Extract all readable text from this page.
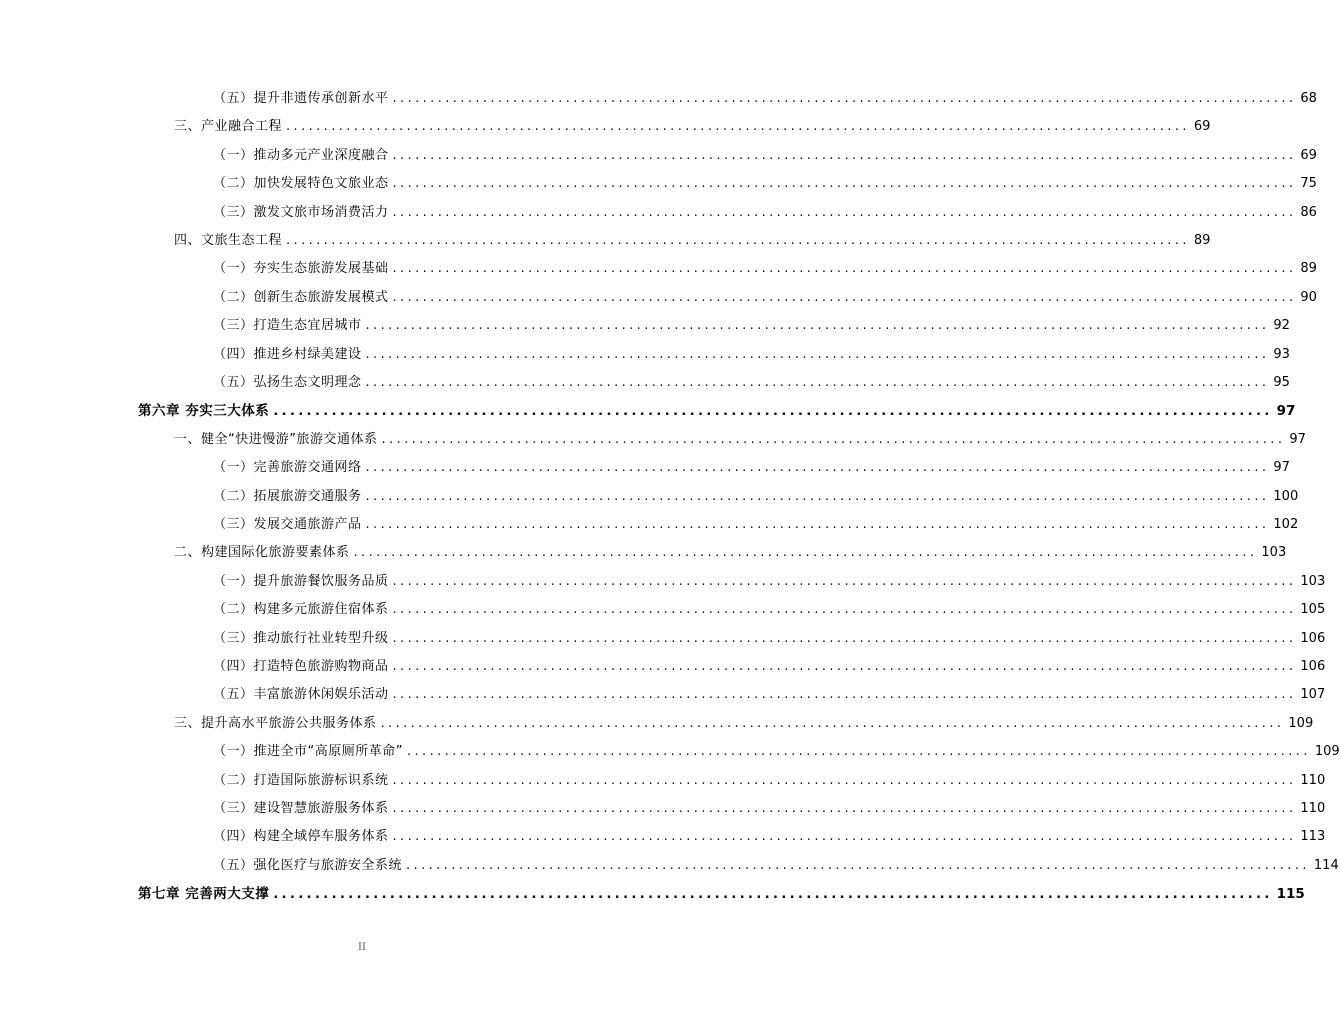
（五）提升非遗传承创新水平 ........................................................................................................................ 68
三、产业融合工程 ........................................................................................................................ 69
（一）推动多元产业深度融合 ........................................................................................................................ 69
（二）加快发展特色文旅业态 ........................................................................................................................ 75
（三）激发文旅市场消费活力 ........................................................................................................................ 86
四、文旅生态工程 ........................................................................................................................ 89
（一）夯实生态旅游发展基础 ........................................................................................................................ 89
（二）创新生态旅游发展模式 ........................................................................................................................ 90
（三）打造生态宜居城市 ........................................................................................................................ 92
（四）推进乡村绿美建设 ........................................................................................................................ 93
（五）弘扬生态文明理念 ........................................................................................................................ 95
第六章 夯实三大体系 ........................................................................................................................ 97
一、健全“快进慢游”旅游交通体系 ........................................................................................................................ 97
（一）完善旅游交通网络 ........................................................................................................................ 97
（二）拓展旅游交通服务 ........................................................................................................................ 100
（三）发展交通旅游产品 ........................................................................................................................ 102
二、构建国际化旅游要素体系 ........................................................................................................................ 103
（一）提升旅游餐饮服务品质 ........................................................................................................................ 103
（二）构建多元旅游住宿体系 ........................................................................................................................ 105
（三）推动旅行社业转型升级 ........................................................................................................................ 106
（四）打造特色旅游购物商品 ........................................................................................................................ 106
（五）丰富旅游休闲娱乐活动 ........................................................................................................................ 107
三、提升高水平旅游公共服务体系 ........................................................................................................................ 109
（一）推进全市“高原厕所革命” ........................................................................................................................ 109
（二）打造国际旅游标识系统 ........................................................................................................................ 110
（三）建设智慧旅游服务体系 ........................................................................................................................ 110
（四）构建全域停车服务体系 ........................................................................................................................ 113
（五）强化医疗与旅游安全系统 ........................................................................................................................ 114
第七章 完善两大支撑 ........................................................................................................................ 115
II
